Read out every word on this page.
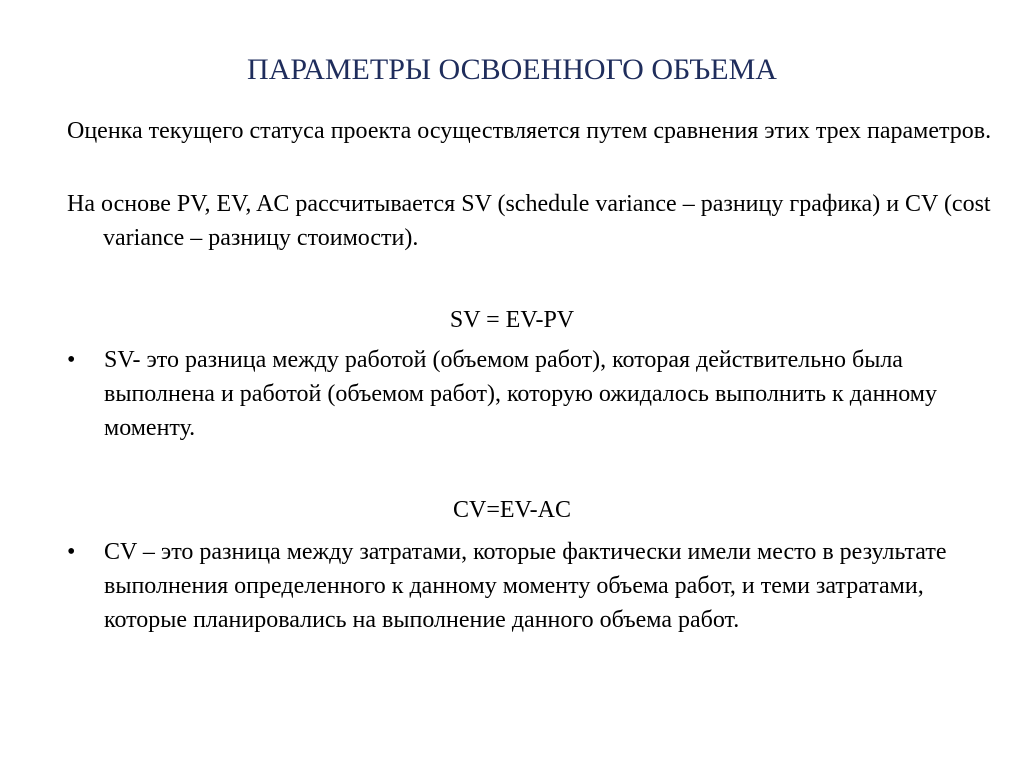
ПАРАМЕТРЫ ОСВОЕННОГО ОБЪЕМА
Оценка текущего статуса проекта осуществляется путем сравнения этих трех параметров.
На основе PV, EV, AC рассчитывается SV (schedule variance – разницу графика) и CV (cost variance – разницу стоимости).
SV = EV-PV
•	SV- это разница между работой (объемом работ), которая действительно была выполнена и работой (объемом работ), которую ожидалось выполнить к данному моменту.
CV=EV-AC
•	CV – это разница между затратами, которые фактически имели место в результате выполнения определенного к данному моменту объема работ, и теми затратами, которые планировались на выполнение данного объема работ.
